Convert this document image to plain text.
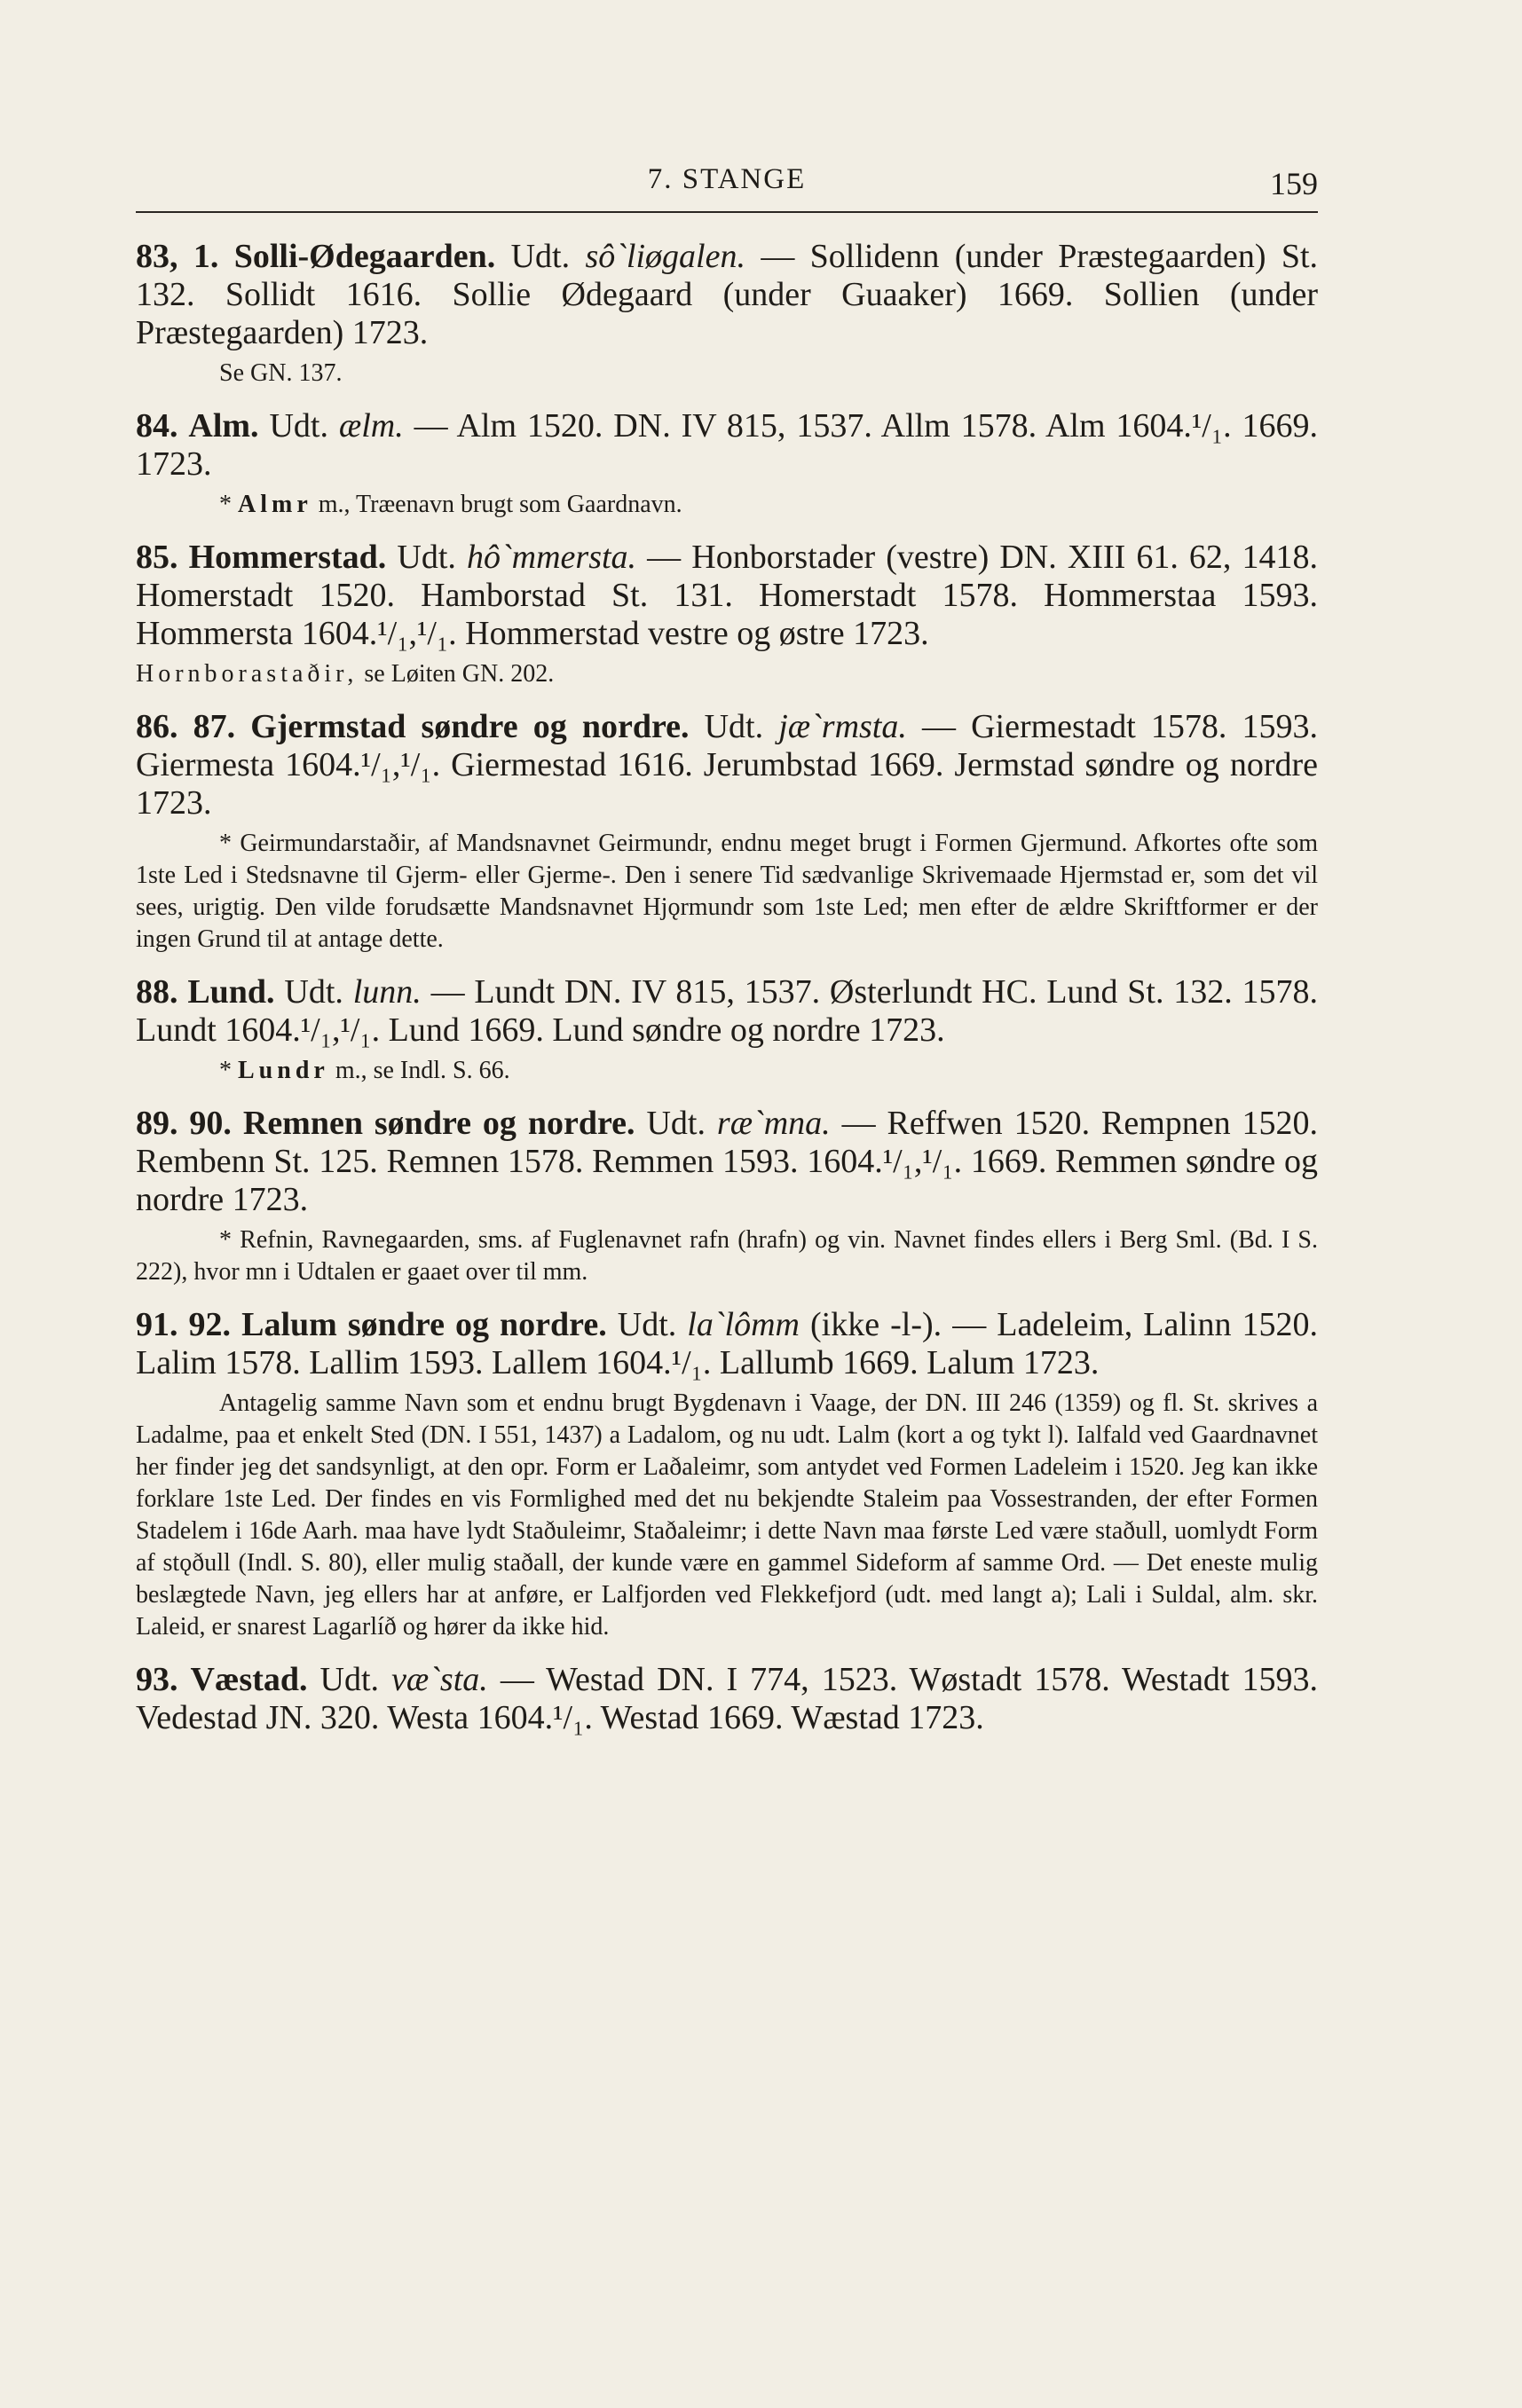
7. STANGE	159

83, 1. Solli-Ødegaarden. Udt. sô`liøgalen. — Sollidenn (under Præstegaarden) St. 132. Sollidt 1616. Sollie Ødegaard (under Guaaker) 1669. Sollien (under Præstegaarden) 1723.

Se GN. 137.

84. Alm. Udt. ælm. — Alm 1520. DN. IV 815, 1537. Allm 1578. Alm 1604.¹/₁. 1669. 1723.

* Almr m., Træenavn brugt som Gaardnavn.

85. Hommerstad. Udt. hô`mmersta. — Honborstader (vestre) DN. XIII 61. 62, 1418. Homerstadt 1520. Hamborstad St. 131. Homerstadt 1578. Hommerstaa 1593. Hommersta 1604.¹/₁,¹/₁. Hommerstad vestre og østre 1723.

Hornborastaðir, se Løiten GN. 202.

86. 87. Gjermstad søndre og nordre. Udt. jæ`rmsta. — Giermestadt 1578. 1593. Giermesta 1604.¹/₁,¹/₁. Giermestad 1616. Jerumbstad 1669. Jermstad søndre og nordre 1723.

* Geirmundarstaðir, af Mandsnavnet Geirmundr, endnu meget brugt i Formen Gjermund. Afkortes ofte som 1ste Led i Stedsnavne til Gjerm- eller Gjerme-. Den i senere Tid sædvanlige Skrivemaade Hjermstad er, som det vil sees, urigtig. Den vilde forudsætte Mandsnavnet Hjǫrmundr som 1ste Led; men efter de ældre Skriftformer er der ingen Grund til at antage dette.

88. Lund. Udt. lunn. — Lundt DN. IV 815, 1537. Østerlundt HC. Lund St. 132. 1578. Lundt 1604.¹/₁,¹/₁. Lund 1669. Lund søndre og nordre 1723.

* Lundr m., se Indl. S. 66.

89. 90. Remnen søndre og nordre. Udt. ræ`mna. — Reffwen 1520. Rempnen 1520. Rembenn St. 125. Remnen 1578. Remmen 1593. 1604.¹/₁,¹/₁. 1669. Remmen søndre og nordre 1723.

* Refnin, Ravnegaarden, sms. af Fuglenavnet rafn (hrafn) og vin. Navnet findes ellers i Berg Sml. (Bd. I S. 222), hvor mn i Udtalen er gaaet over til mm.

91. 92. Lalum søndre og nordre. Udt. la`lômm (ikke -l-). — Ladeleim, Lalinn 1520. Lalim 1578. Lallim 1593. Lallem 1604.¹/₁. Lallumb 1669. Lalum 1723.

Antagelig samme Navn som et endnu brugt Bygdenavn i Vaage, der DN. III 246 (1359) og fl. St. skrives a Ladalme, paa et enkelt Sted (DN. I 551, 1437) a Ladalom, og nu udt. Lalm (kort a og tykt l). Ialfald ved Gaardnavnet her finder jeg det sandsynligt, at den opr. Form er Laðaleimr, som antydet ved Formen Ladeleim i 1520. Jeg kan ikke forklare 1ste Led. Der findes en vis Formlighed med det nu bekjendte Staleim paa Vossestranden, der efter Formen Stadelem i 16de Aarh. maa have lydt Staðuleimr, Staðaleimr; i dette Navn maa første Led være staðull, uomlydt Form af stǫðull (Indl. S. 80), eller mulig staðall, der kunde være en gammel Sideform af samme Ord. — Det eneste mulig beslægtede Navn, jeg ellers har at anføre, er Lalfjorden ved Flekkefjord (udt. med langt a); Lali i Suldal, alm. skr. Laleid, er snarest Lagarlíð og hører da ikke hid.

93. Væstad. Udt. væ`sta. — Westad DN. I 774, 1523. Wøstadt 1578. Westadt 1593. Vedestad JN. 320. Westa 1604.¹/₁. Westad 1669. Wæstad 1723.
